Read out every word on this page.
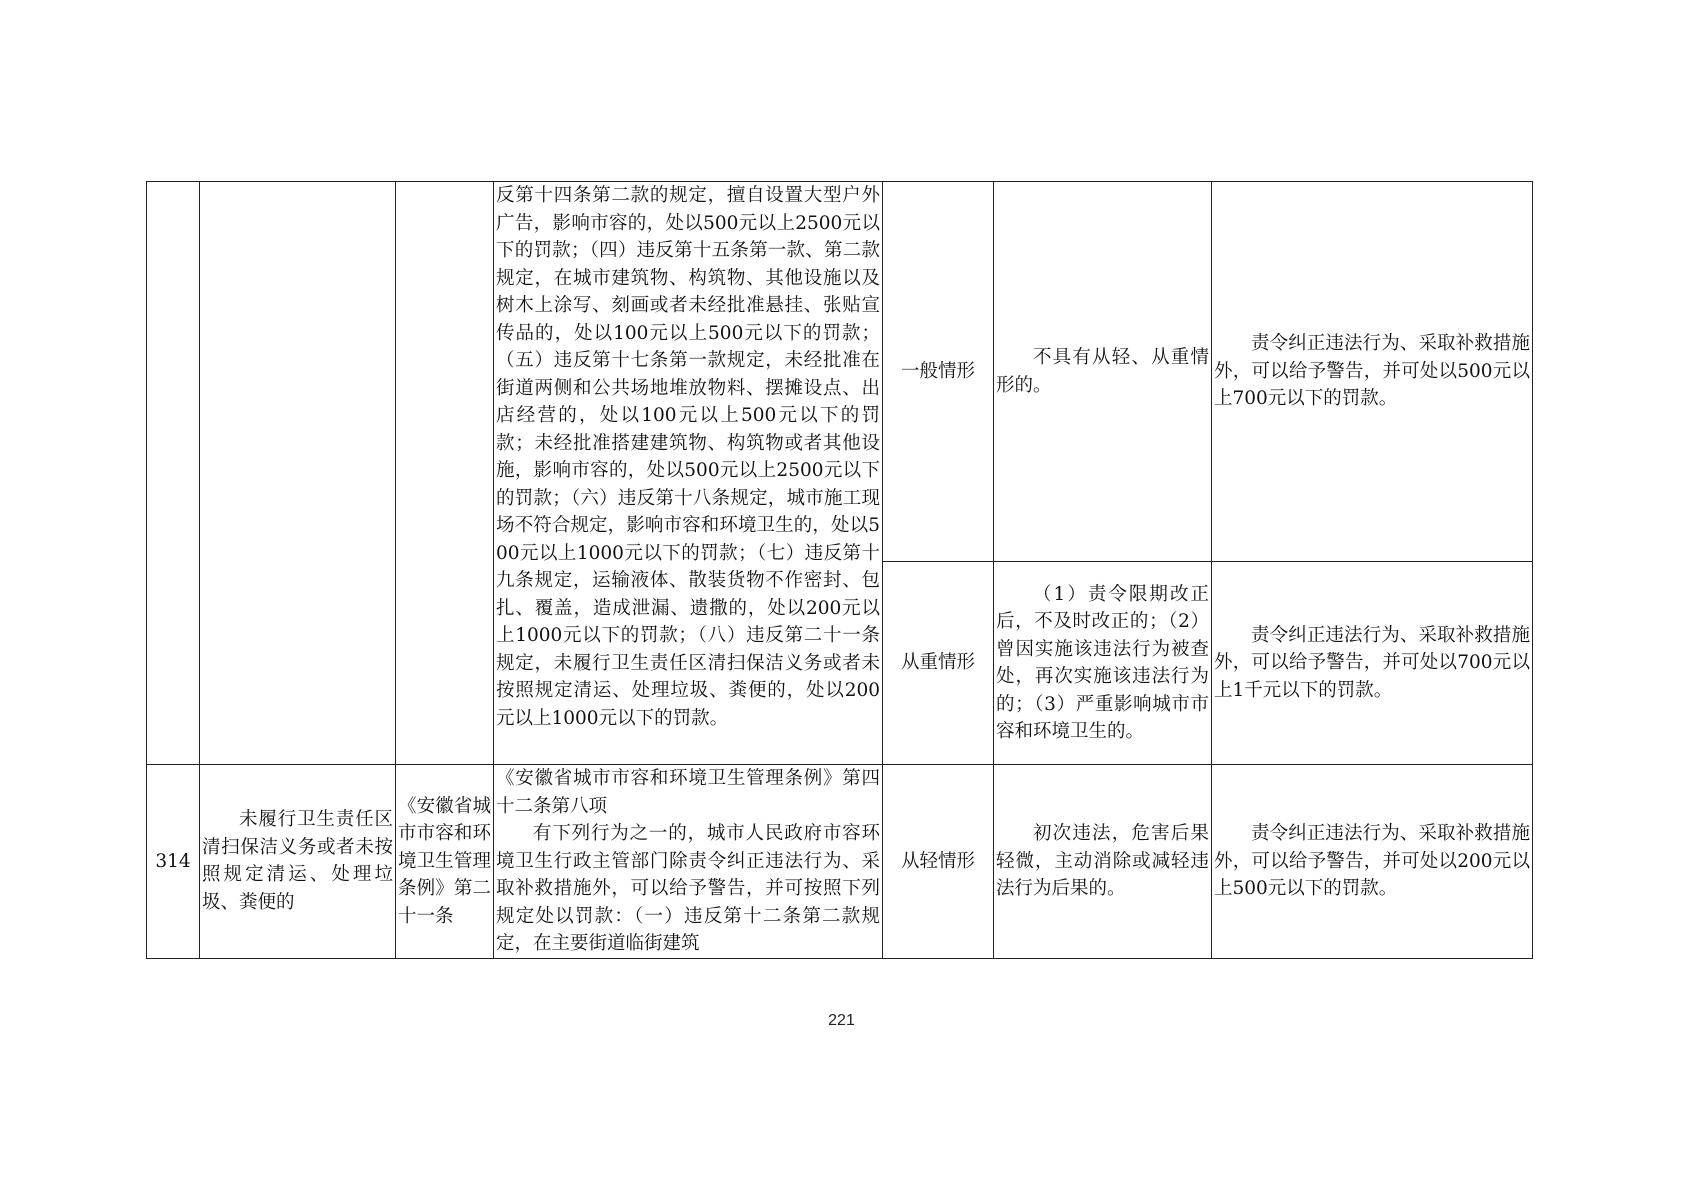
			反第十四条第二款的规定，擅自设置大型户外广告，影响市容的，处以500元以上2500元以下的罚款；（四）违反第十五条第一款、第二款规定，在城市建筑物、构筑物、其他设施以及树木上涂写、刻画或者未经批准悬挂、张贴宣传品的，处以100元以上500元以下的罚款；（五）违反第十七条第一款规定，未经批准在街道两侧和公共场地堆放物料、摆摊设点、出店经营的，处以100元以上500元以下的罚款；未经批准搭建建筑物、构筑物或者其他设施，影响市容的，处以500元以上2500元以下的罚款；（六）违反第十八条规定，城市施工现场不符合规定，影响市容和环境卫生的，处以500元以上1000元以下的罚款；（七）违反第十九条规定，运输液体、散装货物不作密封、包扎、覆盖，造成泄漏、遗撒的，处以200元以上1000元以下的罚款；（八）违反第二十一条规定，未履行卫生责任区清扫保洁义务或者未按照规定清运、处理垃圾、粪便的，处以200元以上1000元以下的罚款。	一般情形	不具有从轻、从重情形的。	责令纠正违法行为、采取补救措施外，可以给予警告，并可处以500元以上700元以下的罚款。

				从重情形	（1）责令限期改正后，不及时改正的；（2）曾因实施该违法行为被查处，再次实施该违法行为的；（3）严重影响城市市容和环境卫生的。	责令纠正违法行为、采取补救措施外，可以给予警告，并可处以700元以上1千元以下的罚款。

314	未履行卫生责任区清扫保洁义务或者未按照规定清运、处理垃圾、粪便的	《安徽省城市市容和环境卫生管理条例》第二十一条	《安徽省城市市容和环境卫生管理条例》第四十二条第八项
有下列行为之一的，城市人民政府市容环境卫生行政主管部门除责令纠正违法行为、采取补救措施外，可以给予警告，并可按照下列规定处以罚款：（一）违反第十二条第二款规定，在主要街道临街建筑	从轻情形	初次违法，危害后果轻微，主动消除或减轻违法行为后果的。	责令纠正违法行为、采取补救措施外，可以给予警告，并可处以200元以上500元以下的罚款。
221
